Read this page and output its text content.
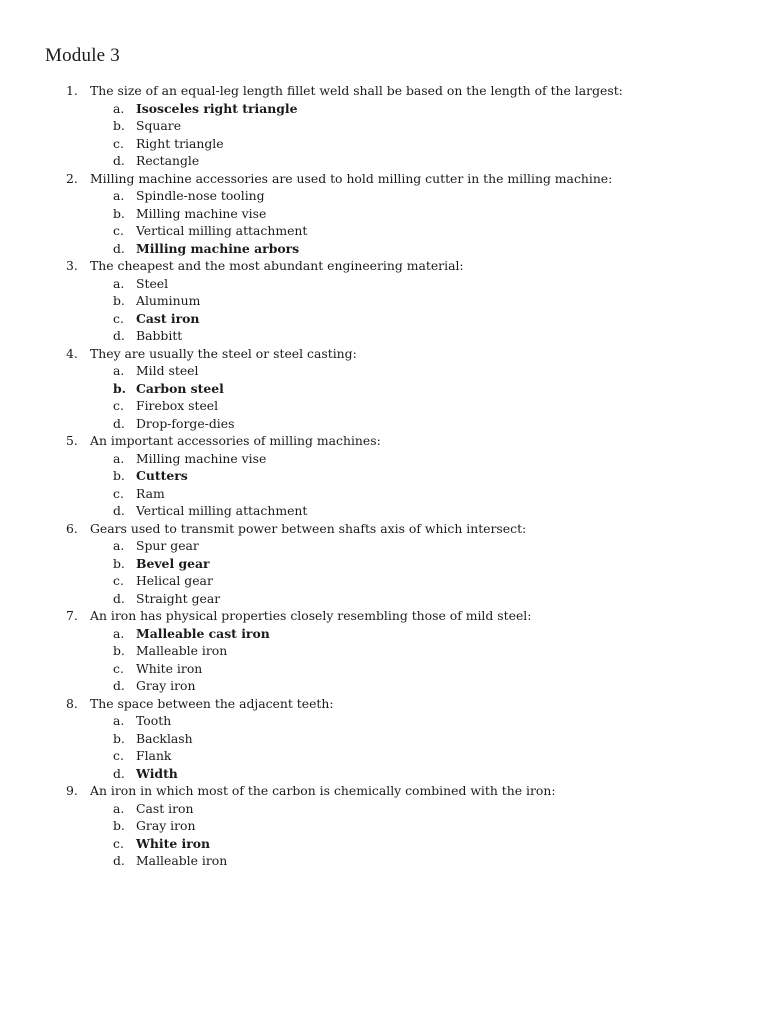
Module 3
1. The size of an equal-leg length fillet weld shall be based on the length of the largest:
a. Isosceles right triangle
b. Square
c. Right triangle
d. Rectangle
2. Milling machine accessories are used to hold milling cutter in the milling machine:
a. Spindle-nose tooling
b. Milling machine vise
c. Vertical milling attachment
d. Milling machine arbors
3. The cheapest and the most abundant engineering material:
a. Steel
b. Aluminum
c. Cast iron
d. Babbitt
4. They are usually the steel or steel casting:
a. Mild steel
b. Carbon steel
c. Firebox steel
d. Drop-forge-dies
5. An important accessories of milling machines:
a. Milling machine vise
b. Cutters
c. Ram
d. Vertical milling attachment
6. Gears used to transmit power between shafts axis of which intersect:
a. Spur gear
b. Bevel gear
c. Helical gear
d. Straight gear
7. An iron has physical properties closely resembling those of mild steel:
a. Malleable cast iron
b. Malleable iron
c. White iron
d. Gray iron
8. The space between the adjacent teeth:
a. Tooth
b. Backlash
c. Flank
d. Width
9. An iron in which most of the carbon is chemically combined with the iron:
a. Cast iron
b. Gray iron
c. White iron
d. Malleable iron
